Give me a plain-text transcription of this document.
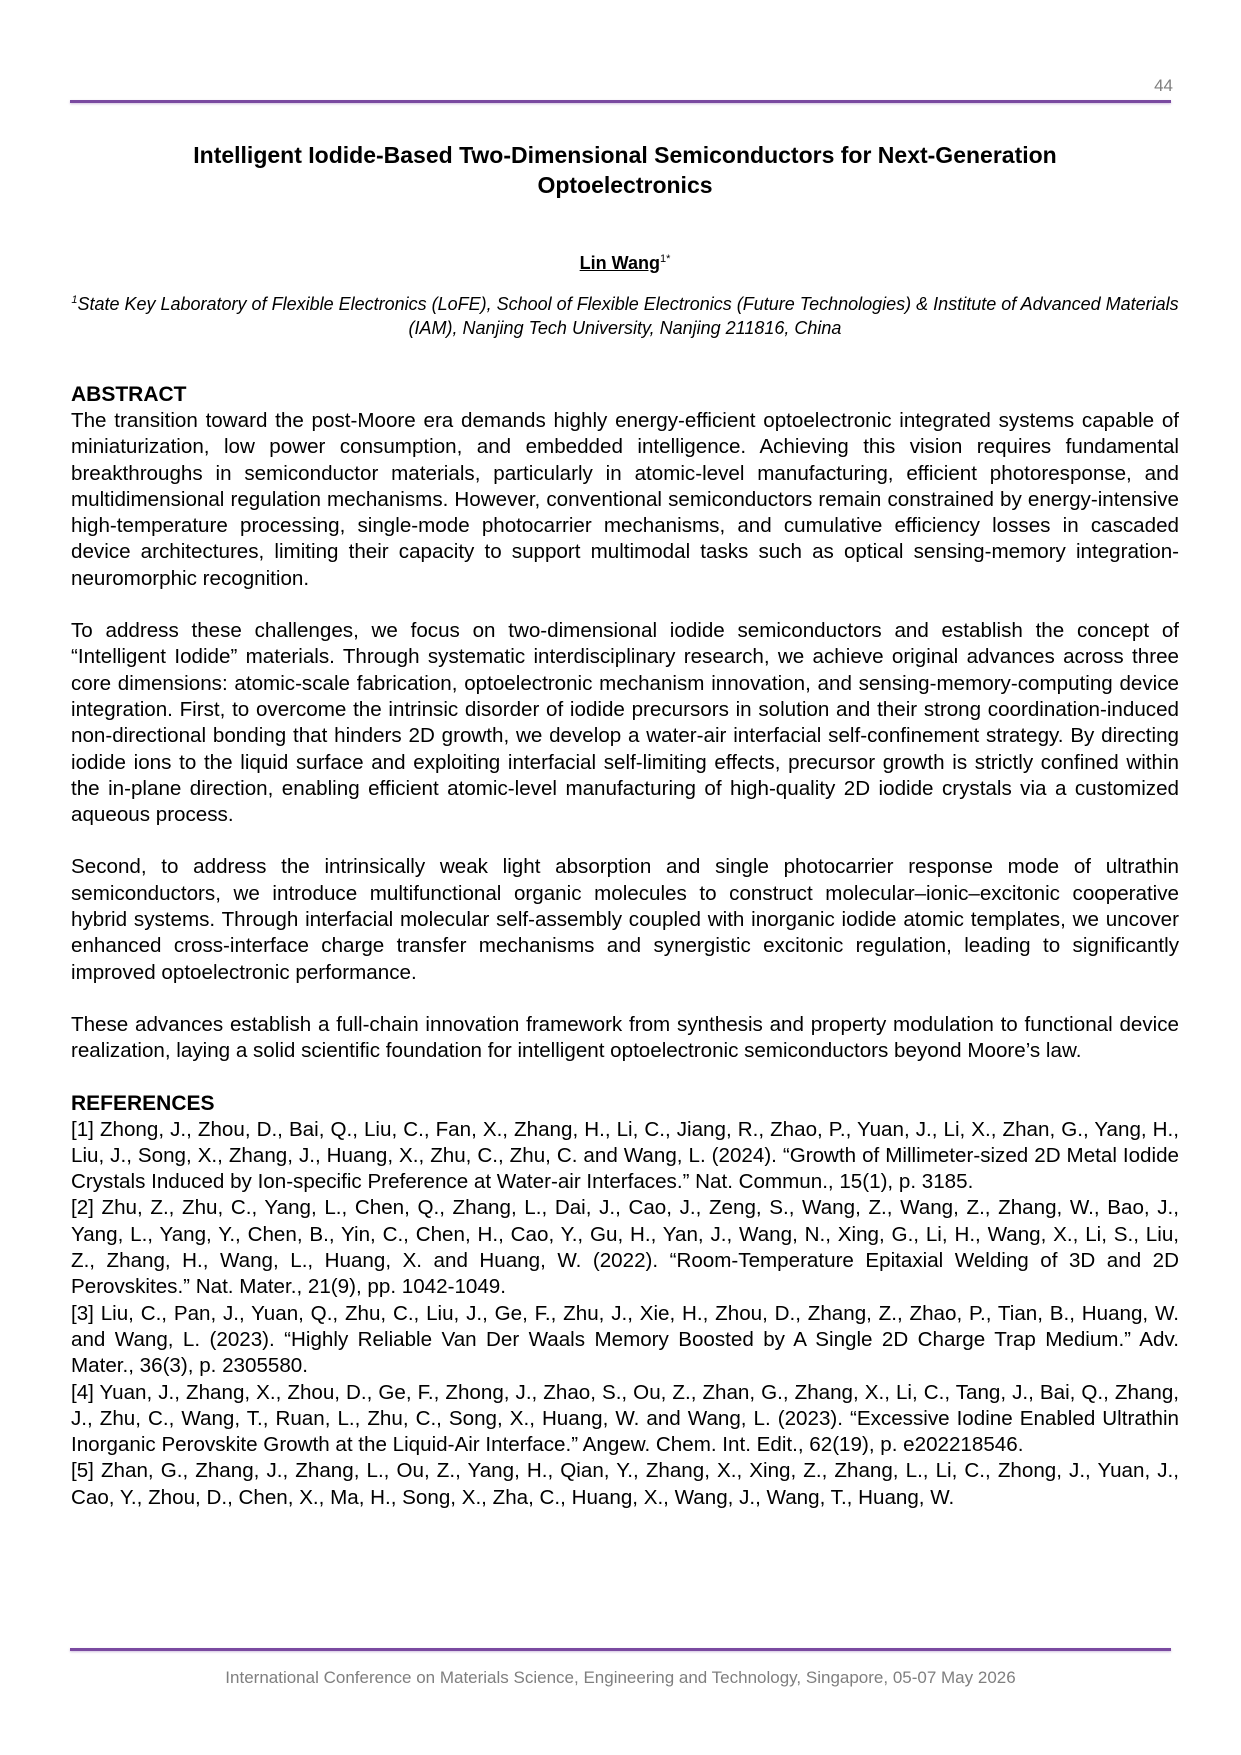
44
Intelligent Iodide-Based Two-Dimensional Semiconductors for Next-Generation Optoelectronics
Lin Wang$^{1*}$
$^1$State Key Laboratory of Flexible Electronics (LoFE), School of Flexible Electronics (Future Technologies) & Institute of Advanced Materials (IAM), Nanjing Tech University, Nanjing 211816, China
ABSTRACT

The transition toward the post-Moore era demands highly energy-efficient optoelectronic integrated systems capable of miniaturization, low power consumption, and embedded intelligence. Achieving this vision requires fundamental breakthroughs in semiconductor materials, particularly in atomic-level manufacturing, efficient photoresponse, and multidimensional regulation mechanisms. However, conventional semiconductors remain constrained by energy-intensive high-temperature processing, single-mode photocarrier mechanisms, and cumulative efficiency losses in cascaded device architectures, limiting their capacity to support multimodal tasks such as optical sensing-memory integration-neuromorphic recognition.

To address these challenges, we focus on two-dimensional iodide semiconductors and establish the concept of “Intelligent Iodide” materials. Through systematic interdisciplinary research, we achieve original advances across three core dimensions: atomic-scale fabrication, optoelectronic mechanism innovation, and sensing-memory-computing device integration. First, to overcome the intrinsic disorder of iodide precursors in solution and their strong coordination-induced non-directional bonding that hinders 2D growth, we develop a water-air interfacial self-confinement strategy. By directing iodide ions to the liquid surface and exploiting interfacial self-limiting effects, precursor growth is strictly confined within the in-plane direction, enabling efficient atomic-level manufacturing of high-quality 2D iodide crystals via a customized aqueous process.

Second, to address the intrinsically weak light absorption and single photocarrier response mode of ultrathin semiconductors, we introduce multifunctional organic molecules to construct molecular–ionic–excitonic cooperative hybrid systems. Through interfacial molecular self-assembly coupled with inorganic iodide atomic templates, we uncover enhanced cross-interface charge transfer mechanisms and synergistic excitonic regulation, leading to significantly improved optoelectronic performance.

These advances establish a full-chain innovation framework from synthesis and property modulation to functional device realization, laying a solid scientific foundation for intelligent optoelectronic semiconductors beyond Moore’s law.

REFERENCES

[1] Zhong, J., Zhou, D., Bai, Q., Liu, C., Fan, X., Zhang, H., Li, C., Jiang, R., Zhao, P., Yuan, J., Li, X., Zhan, G., Yang, H., Liu, J., Song, X., Zhang, J., Huang, X., Zhu, C., Zhu, C. and Wang, L. (2024). “Growth of Millimeter-sized 2D Metal Iodide Crystals Induced by Ion-specific Preference at Water-air Interfaces.” Nat. Commun., 15(1), p. 3185.

[2] Zhu, Z., Zhu, C., Yang, L., Chen, Q., Zhang, L., Dai, J., Cao, J., Zeng, S., Wang, Z., Wang, Z., Zhang, W., Bao, J., Yang, L., Yang, Y., Chen, B., Yin, C., Chen, H., Cao, Y., Gu, H., Yan, J., Wang, N., Xing, G., Li, H., Wang, X., Li, S., Liu, Z., Zhang, H., Wang, L., Huang, X. and Huang, W. (2022). “Room-Temperature Epitaxial Welding of 3D and 2D Perovskites.” Nat. Mater., 21(9), pp. 1042-1049.

[3] Liu, C., Pan, J., Yuan, Q., Zhu, C., Liu, J., Ge, F., Zhu, J., Xie, H., Zhou, D., Zhang, Z., Zhao, P., Tian, B., Huang, W. and Wang, L. (2023). “Highly Reliable Van Der Waals Memory Boosted by A Single 2D Charge Trap Medium.” Adv. Mater., 36(3), p. 2305580.

[4] Yuan, J., Zhang, X., Zhou, D., Ge, F., Zhong, J., Zhao, S., Ou, Z., Zhan, G., Zhang, X., Li, C., Tang, J., Bai, Q., Zhang, J., Zhu, C., Wang, T., Ruan, L., Zhu, C., Song, X., Huang, W. and Wang, L. (2023). “Excessive Iodine Enabled Ultrathin Inorganic Perovskite Growth at the Liquid-Air Interface.” Angew. Chem. Int. Edit., 62(19), p. e202218546.

[5] Zhan, G., Zhang, J., Zhang, L., Ou, Z., Yang, H., Qian, Y., Zhang, X., Xing, Z., Zhang, L., Li, C., Zhong, J., Yuan, J., Cao, Y., Zhou, D., Chen, X., Ma, H., Song, X., Zha, C., Huang, X., Wang, J., Wang, T., Huang, W.

International Conference on Materials Science, Engineering and Technology, Singapore, 05-07 May 2026
